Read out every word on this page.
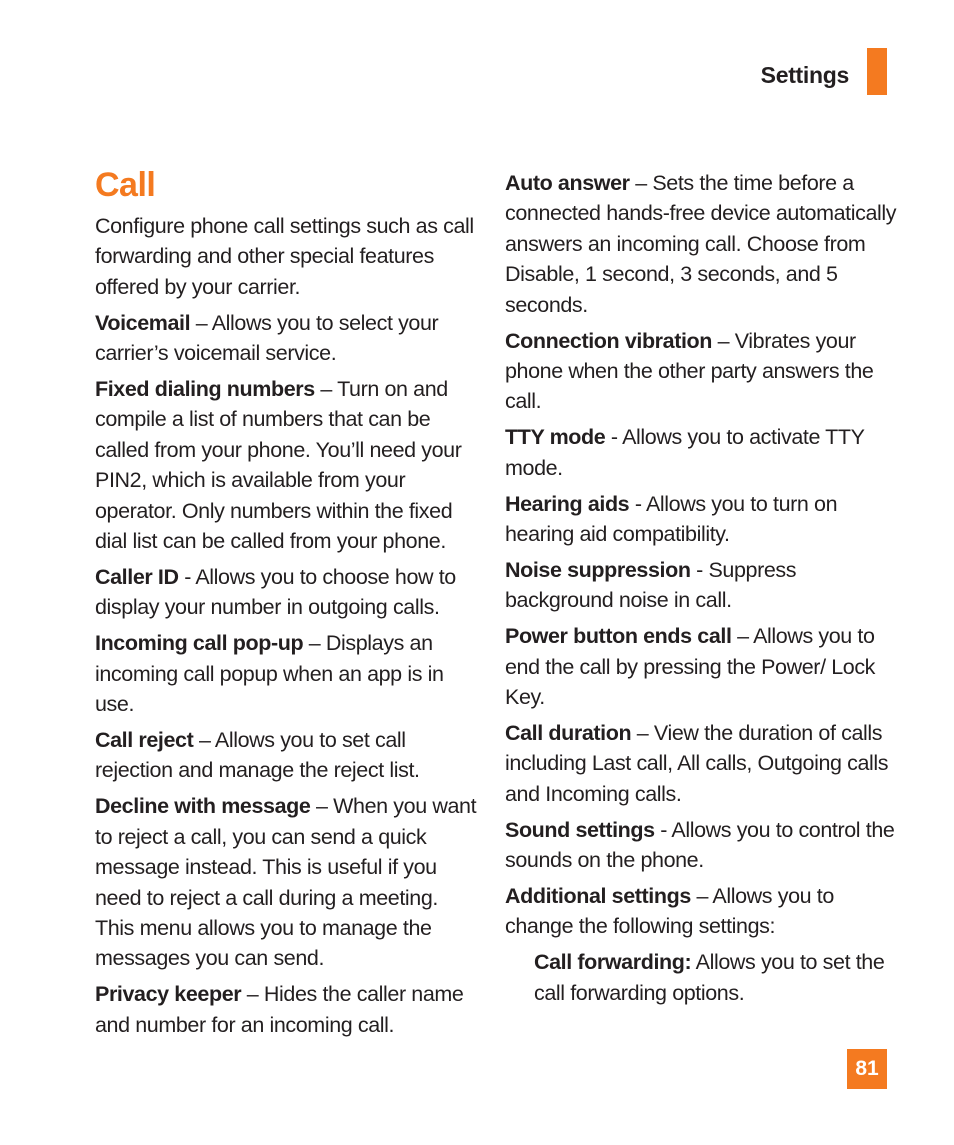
Settings
Call

Configure phone call settings such as call forwarding and other special features offered by your carrier.

Voicemail – Allows you to select your carrier’s voicemail service.

Fixed dialing numbers – Turn on and compile a list of numbers that can be called from your phone. You’ll need your PIN2, which is available from your operator. Only numbers within the fixed dial list can be called from your phone.

Caller ID - Allows you to choose how to display your number in outgoing calls.

Incoming call pop-up – Displays an incoming call popup when an app is in use.

Call reject – Allows you to set call rejection and manage the reject list.

Decline with message – When you want to reject a call, you can send a quick message instead. This is useful if you need to reject a call during a meeting. This menu allows you to manage the messages you can send.

Privacy keeper – Hides the caller name and number for an incoming call.

Auto answer – Sets the time before a connected hands-free device automatically answers an incoming call. Choose from Disable, 1 second, 3 seconds, and 5 seconds.

Connection vibration – Vibrates your phone when the other party answers the call.

TTY mode - Allows you to activate TTY mode.

Hearing aids - Allows you to turn on hearing aid compatibility.

Noise suppression - Suppress background noise in call.

Power button ends call – Allows you to end the call by pressing the Power/ Lock Key.

Call duration – View the duration of calls including Last call, All calls, Outgoing calls and Incoming calls.

Sound settings - Allows you to control the sounds on the phone.

Additional settings – Allows you to change the following settings:

Call forwarding: Allows you to set the call forwarding options.

81
